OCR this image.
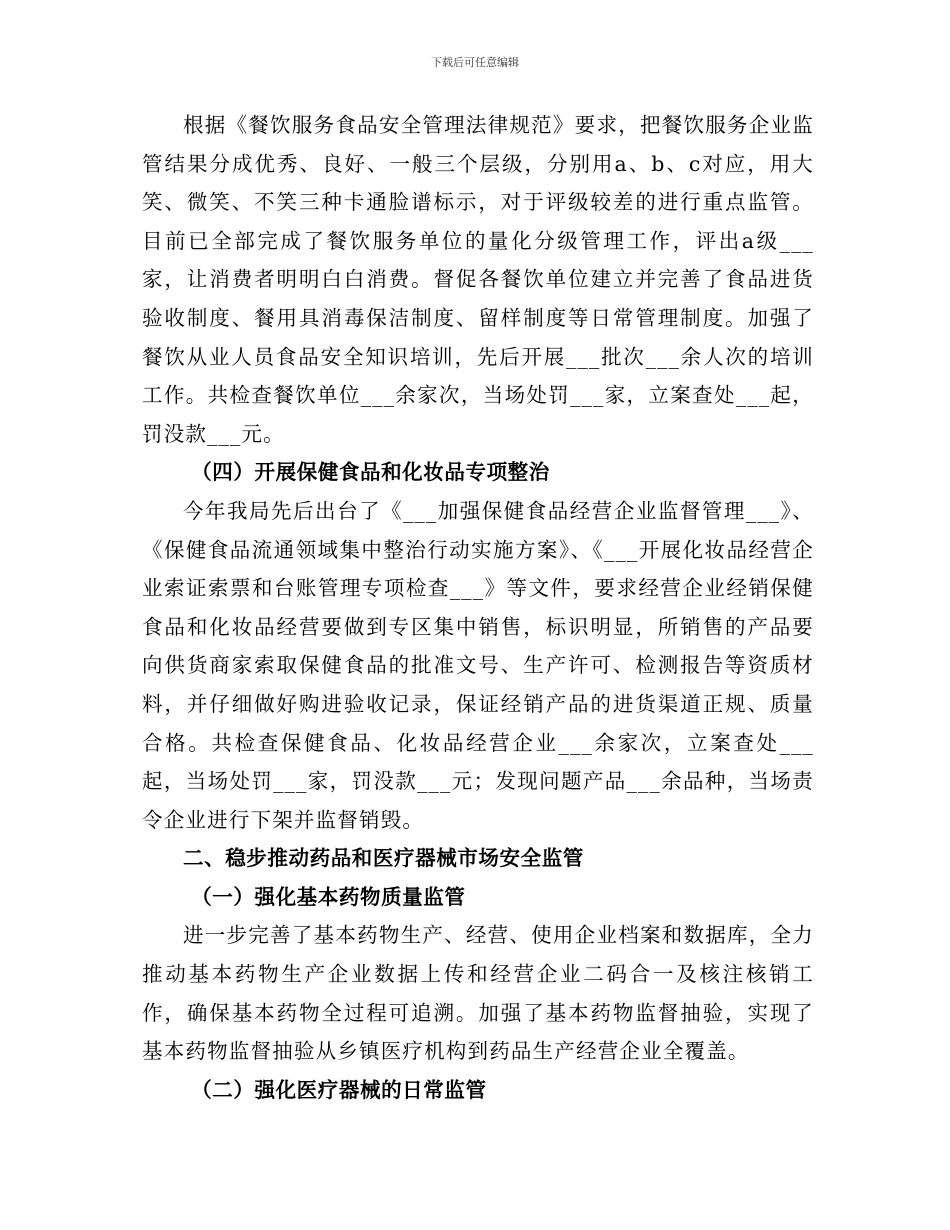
下载后可任意编辑

根据《餐饮服务食品安全管理法律规范》要求，把餐饮服务企业监管结果分成优秀、良好、一般三个层级，分别用a、b、c对应，用大笑、微笑、不笑三种卡通脸谱标示，对于评级较差的进行重点监管。目前已全部完成了餐饮服务单位的量化分级管理工作，评出a级___家，让消费者明明白白消费。督促各餐饮单位建立并完善了食品进货验收制度、餐用具消毒保洁制度、留样制度等日常管理制度。加强了餐饮从业人员食品安全知识培训，先后开展___批次___余人次的培训工作。共检查餐饮单位___余家次，当场处罚___家，立案查处___起，罚没款___元。

（四）开展保健食品和化妆品专项整治

今年我局先后出台了《___加强保健食品经营企业监督管理___》、《保健食品流通领域集中整治行动实施方案》、《___开展化妆品经营企业索证索票和台账管理专项检查___》等文件，要求经营企业经销保健食品和化妆品经营要做到专区集中销售，标识明显，所销售的产品要向供货商家索取保健食品的批准文号、生产许可、检测报告等资质材料，并仔细做好购进验收记录，保证经销产品的进货渠道正规、质量合格。共检查保健食品、化妆品经营企业___余家次，立案查处___起，当场处罚___家，罚没款___元；发现问题产品___余品种，当场责令企业进行下架并监督销毁。

二、稳步推动药品和医疗器械市场安全监管

（一）强化基本药物质量监管

进一步完善了基本药物生产、经营、使用企业档案和数据库，全力推动基本药物生产企业数据上传和经营企业二码合一及核注核销工作，确保基本药物全过程可追溯。加强了基本药物监督抽验，实现了基本药物监督抽验从乡镇医疗机构到药品生产经营企业全覆盖。

（二）强化医疗器械的日常监管
